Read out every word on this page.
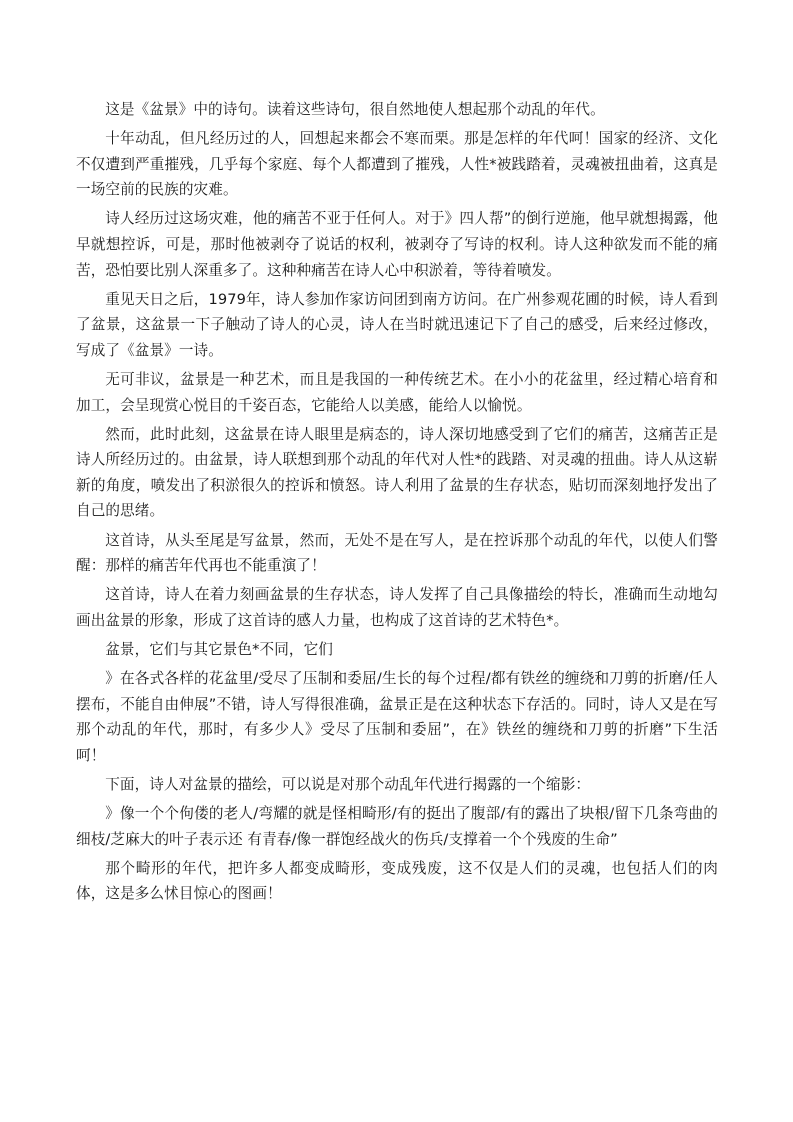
这是《盆景》中的诗句。读着这些诗句，很自然地使人想起那个动乱的年代。

十年动乱，但凡经历过的人，回想起来都会不寒而栗。那是怎样的年代呵！国家的经济、文化不仅遭到严重摧残，几乎每个家庭、每个人都遭到了摧残，人性*被践踏着，灵魂被扭曲着，这真是一场空前的民族的灾难。

诗人经历过这场灾难，他的痛苦不亚于任何人。对于》四人帮”的倒行逆施，他早就想揭露，他早就想控诉，可是，那时他被剥夺了说话的权利，被剥夺了写诗的权利。诗人这种欲发而不能的痛苦，恐怕要比别人深重多了。这种种痛苦在诗人心中积淤着，等待着喷发。

重见天日之后，1979年，诗人参加作家访问团到南方访问。在广州参观花圃的时候，诗人看到了盆景，这盆景一下子触动了诗人的心灵，诗人在当时就迅速记下了自己的感受，后来经过修改，写成了《盆景》一诗。

无可非议，盆景是一种艺术，而且是我国的一种传统艺术。在小小的花盆里，经过精心培育和加工，会呈现赏心悦目的千姿百态，它能给人以美感，能给人以愉悦。

然而，此时此刻，这盆景在诗人眼里是病态的，诗人深切地感受到了它们的痛苦，这痛苦正是诗人所经历过的。由盆景，诗人联想到那个动乱的年代对人性*的践踏、对灵魂的扭曲。诗人从这崭新的角度，喷发出了积淤很久的控诉和愤怒。诗人利用了盆景的生存状态，贴切而深刻地抒发出了自己的思绪。

这首诗，从头至尾是写盆景，然而，无处不是在写人，是在控诉那个动乱的年代，以使人们警醒：那样的痛苦年代再也不能重演了！

这首诗，诗人在着力刻画盆景的生存状态，诗人发挥了自己具像描绘的特长，准确而生动地勾画出盆景的形象，形成了这首诗的感人力量，也构成了这首诗的艺术特色*。

盆景，它们与其它景色*不同，它们

》在各式各样的花盆里/受尽了压制和委屈/生长的每个过程/都有铁丝的缠绕和刀剪的折磨/任人摆布，不能自由伸展”不错，诗人写得很准确，盆景正是在这种状态下存活的。同时，诗人又是在写那个动乱的年代，那时，有多少人》受尽了压制和委屈”，在》铁丝的缠绕和刀剪的折磨”下生活呵！

下面，诗人对盆景的描绘，可以说是对那个动乱年代进行揭露的一个缩影：

》像一个个佝偻的老人/弯耀的就是怪相畸形/有的挺出了腹部/有的露出了块根/留下几条弯曲的细枝/芝麻大的叶子表示还 有青春/像一群饱经战火的伤兵/支撑着一个个残废的生命”

那个畸形的年代，把许多人都变成畸形，变成残废，这不仅是人们的灵魂，也包括人们的肉体，这是多么怵目惊心的图画！
